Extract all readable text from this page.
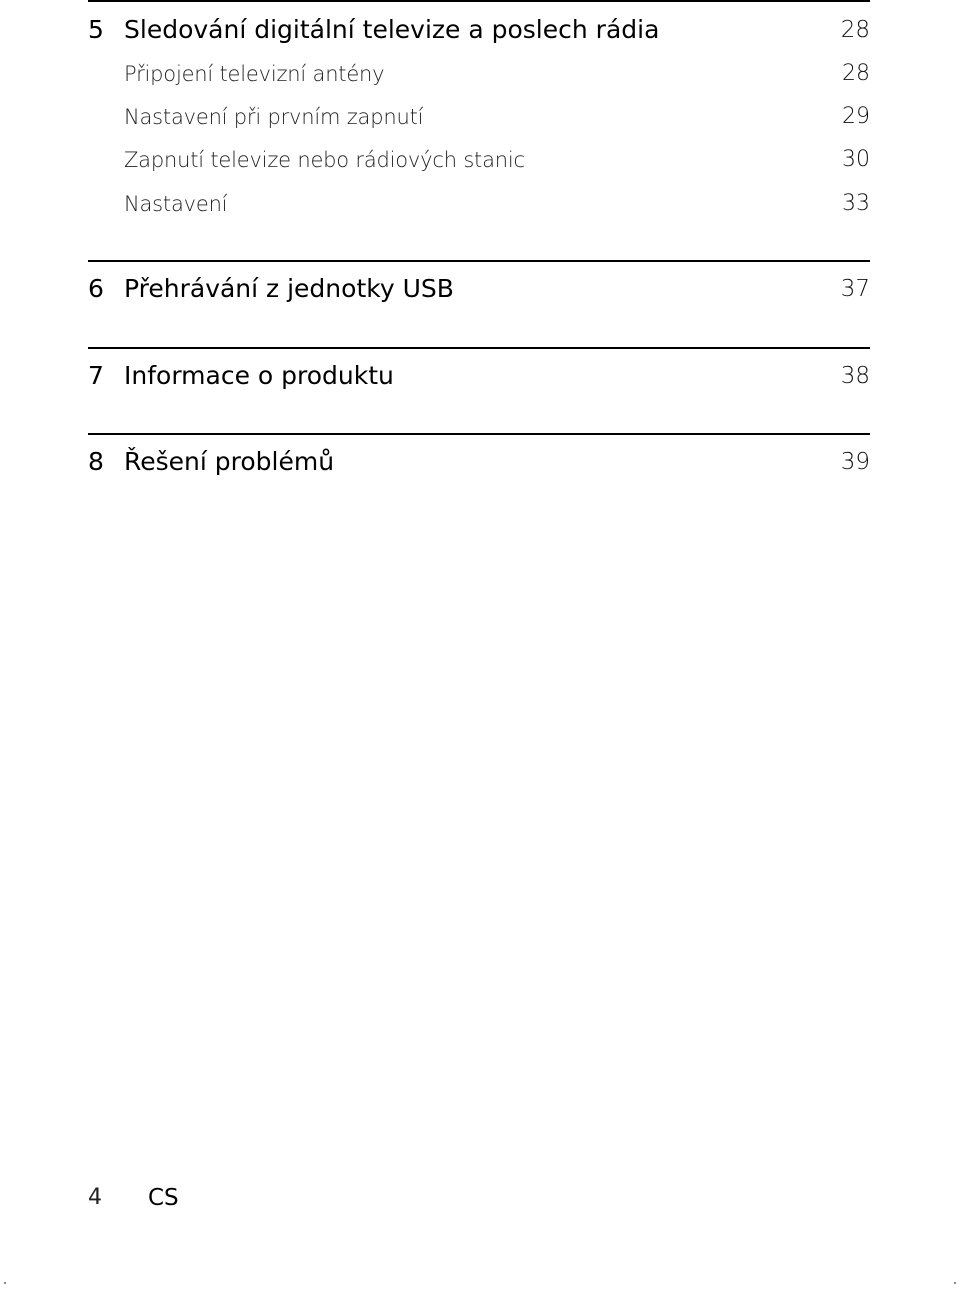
5 Sledování digitální televize a poslech rádia	28
Připojení televizní antény	28
Nastavení při prvním zapnutí	29
Zapnutí televize nebo rádiových stanic	30
Nastavení	33
6 Přehrávání z jednotky USB	37
7 Informace o produktu	38
8 Řešení problémů	39
4 CS
